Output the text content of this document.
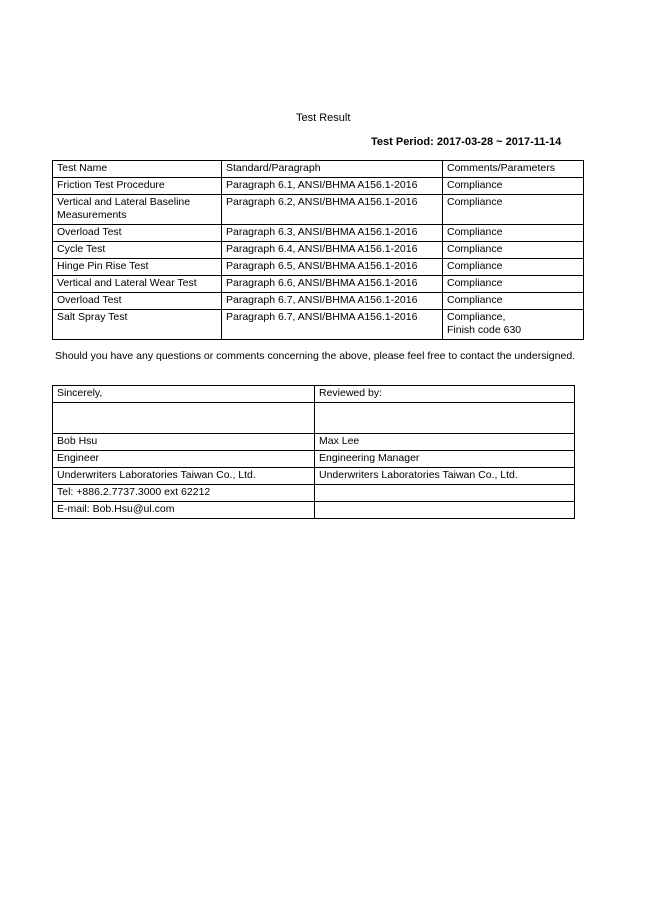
Test Result
Test Period: 2017-03-28 ~ 2017-11-14
Test Name	Standard/Paragraph	Comments/Parameters

Friction Test Procedure	Paragraph 6.1, ANSI/BHMA A156.1-2016	Compliance

Vertical and Lateral Baseline
Measurements	Paragraph 6.2, ANSI/BHMA A156.1-2016	Compliance

Overload Test	Paragraph 6.3, ANSI/BHMA A156.1-2016	Compliance

Cycle Test	Paragraph 6.4, ANSI/BHMA A156.1-2016	Compliance

Hinge Pin Rise Test	Paragraph 6.5, ANSI/BHMA A156.1-2016	Compliance

Vertical and Lateral Wear Test	Paragraph 6.6, ANSI/BHMA A156.1-2016	Compliance

Overload Test	Paragraph 6.7, ANSI/BHMA A156.1-2016	Compliance

Salt Spray Test	Paragraph 6.7, ANSI/BHMA A156.1-2016	Compliance,
Finish code 630
Should you have any questions or comments concerning the above, please feel free to contact the undersigned.
Sincerely,	Reviewed by:

Bob Hsu	Max Lee
Engineer	Engineering Manager
Underwriters Laboratories Taiwan Co., Ltd.	Underwriters Laboratories Taiwan Co., Ltd.
Tel: +886.2.7737.3000 ext 62212	
E-mail: Bob.Hsu@ul.com	
